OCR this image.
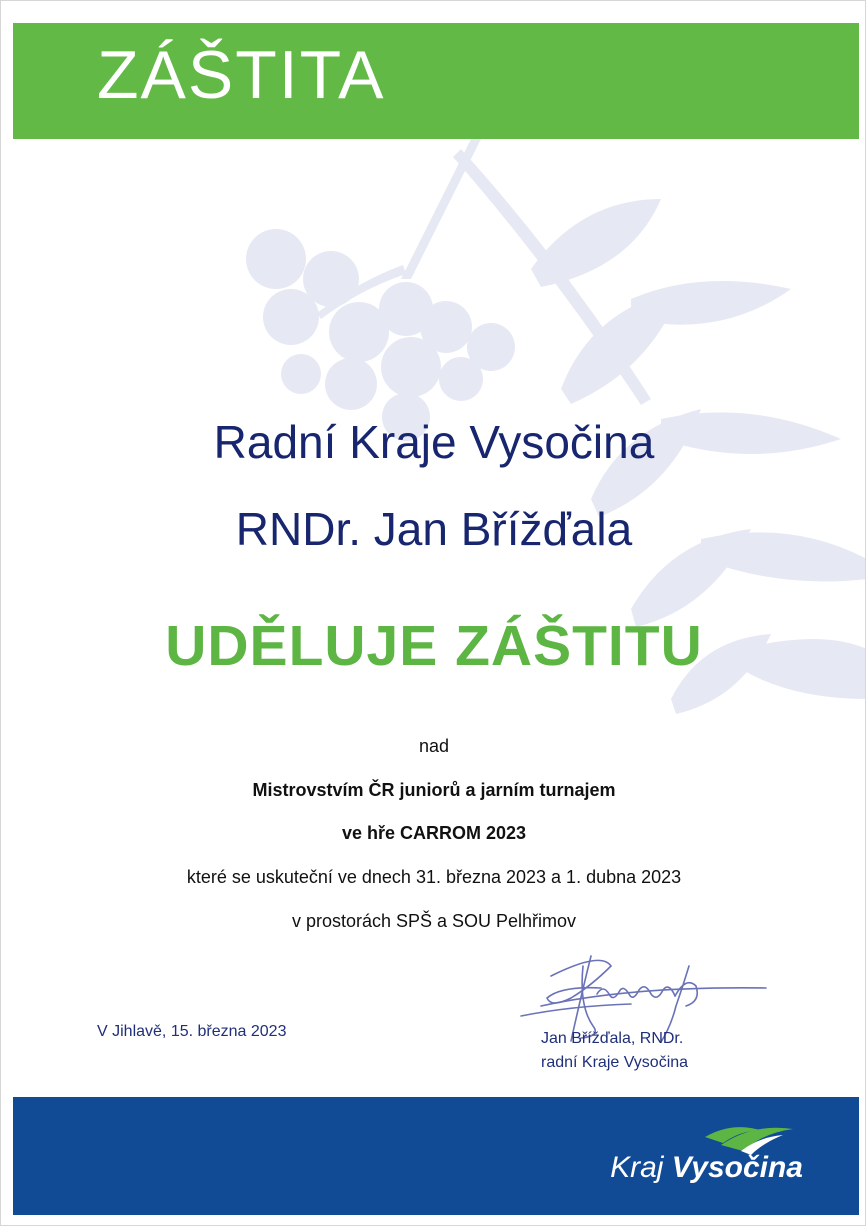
ZÁŠTITA
Radní Kraje Vysočina
RNDr. Jan Břížďala
UDĚLUJE ZÁŠTITU
nad
Mistrovstvím ČR juniorů a jarním turnajem
ve hře CARROM 2023
které se uskuteční ve dnech 31. března 2023 a 1. dubna 2023
v prostorách SPŠ a SOU Pelhřimov
V Jihlavě, 15. března 2023	Jan Břížďala, RNDr.
radní Kraje Vysočina
Kraj Vysočina
